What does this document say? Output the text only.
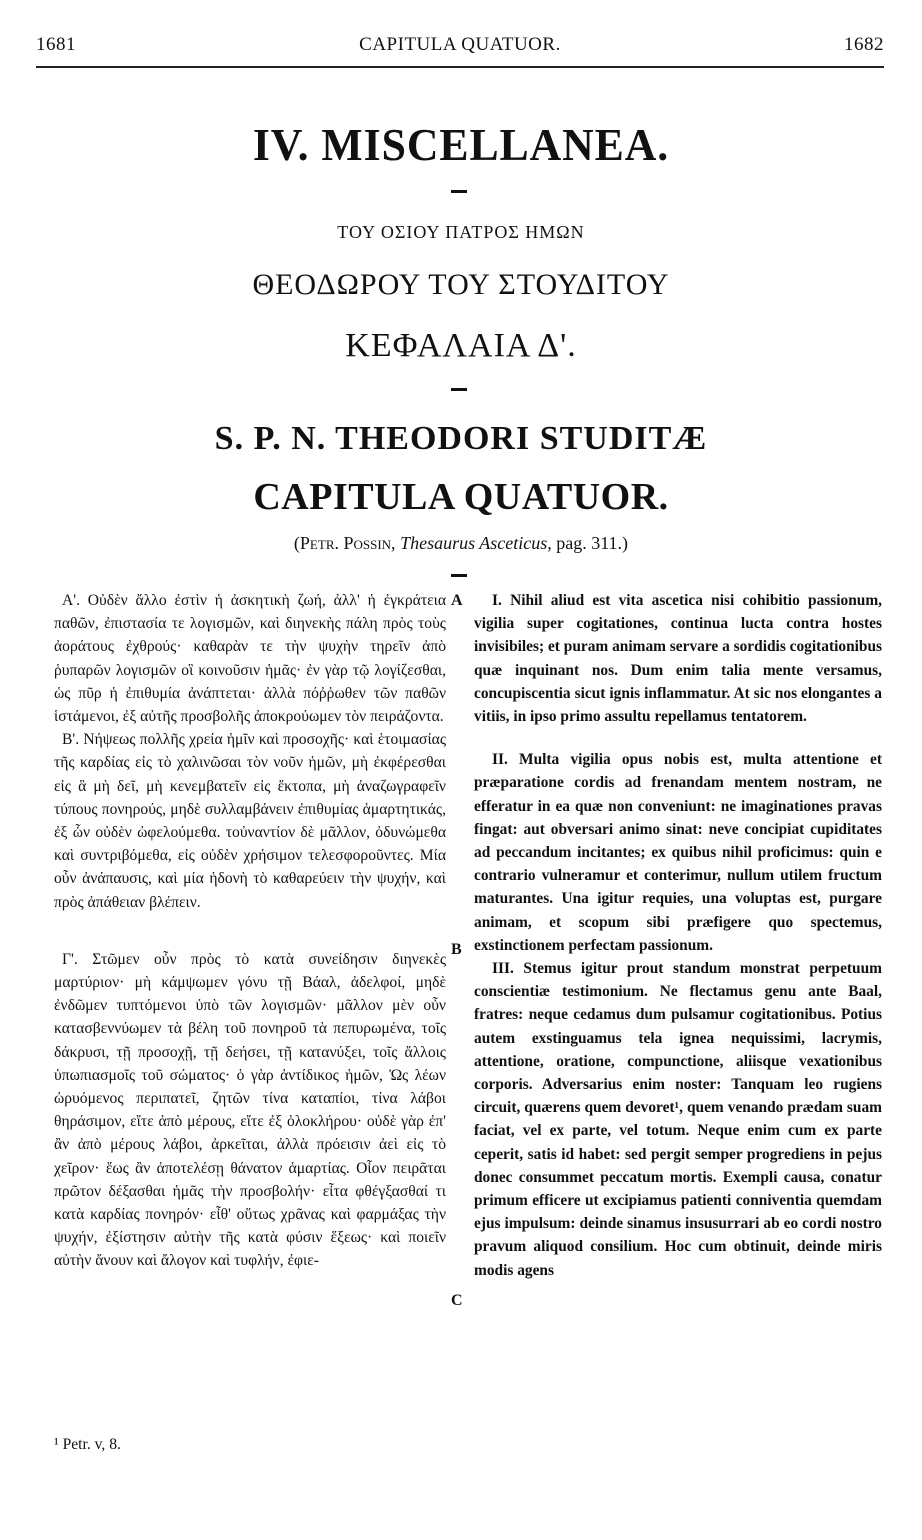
1681	CAPITULA QUATUOR.	1682
IV. MISCELLANEA.
ΤΟΥ ΟΣΙΟΥ ΠΑΤΡΟΣ ΗΜΩΝ
ΘΕΟΔΩΡΟΥ ΤΟΥ ΣΤΟΥΔΙΤΟΥ
ΚΕΦΑΛΑΙΑ Δ'.
S. P. N. THEODORI STUDITÆ
CAPITULA QUATUOR.
(Petr. Possin, Thesaurus Asceticus, pag. 311.)

Α'. Οὐδὲν ἄλλο ἐστὶν ἡ ἀσκητικὴ ζωή, ἀλλ' ἡ ἐγκράτεια παθῶν, ἐπιστασία τε λογισμῶν, καὶ διηνεκὴς πάλη πρὸς τοὺς ἀοράτους ἐχθρούς· καθαρὰν τε τὴν ψυχὴν τηρεῖν ἀπὸ ῥυπαρῶν λογισμῶν οἳ κοινοῦσιν ἡμᾶς· ἐν γὰρ τῷ λογίζεσθαι, ὡς πῦρ ἡ ἐπιθυμία ἀνάπτεται· ἀλλὰ πόῤῥωθεν τῶν παθῶν ἱστάμενοι, ἐξ αὐτῆς προσβολῆς ἀποκρούωμεν τὸν πειράζοντα.

Β'. Νήψεως πολλῆς χρεία ἡμῖν καὶ προσοχῆς· καὶ ἑτοιμασίας τῆς καρδίας εἰς τὸ χαλινῶσαι τὸν νοῦν ἡμῶν, μὴ ἐκφέρεσθαι εἰς ἃ μὴ δεῖ, μὴ κενεμβατεῖν εἰς ἔκτοπα, μὴ ἀναζωγραφεῖν τύπους πονηρούς, μηδὲ συλλαμβάνειν ἐπιθυμίας ἁμαρτητικάς, ἐξ ὧν οὐδὲν ὠφελούμεθα. τοὐναντίον δὲ μᾶλλον, ὀδυνώμεθα καὶ συντριβόμεθα, εἰς οὐδὲν χρήσιμον τελεσφοροῦντες. Μία οὖν ἀνάπαυσις, καὶ μία ἡδονὴ τὸ καθαρεύειν τὴν ψυχήν, καὶ πρὸς ἀπάθειαν βλέπειν.

Γ'. Στῶμεν οὖν πρὸς τὸ κατὰ συνείδησιν διηνεκὲς μαρτύριον· μὴ κάμψωμεν γόνυ τῇ Βάαλ, ἀδελφοί, μηδὲ ἐνδῶμεν τυπτόμενοι ὑπὸ τῶν λογισμῶν· μᾶλλον μὲν οὖν κατασβεννύωμεν τὰ βέλη τοῦ πονηροῦ τὰ πεπυρωμένα, τοῖς δάκρυσι, τῇ προσοχῇ, τῇ δεήσει, τῇ κατανύξει, τοῖς ἄλλοις ὑπωπιασμοῖς τοῦ σώματος· ὁ γὰρ ἀντίδικος ἡμῶν, Ὡς λέων ὠρυόμενος περιπατεῖ, ζητῶν τίνα καταπίοι, τίνα λάβοι θηράσιμον, εἴτε ἀπὸ μέρους, εἴτε ἐξ ὁλοκλήρου· οὐδὲ γὰρ ἐπ' ἂν ἀπὸ μέρους λάβοι, ἀρκεῖται, ἀλλὰ πρόεισιν ἀεὶ εἰς τὸ χεῖρον· ἕως ἂν ἀποτελέσῃ θάνατον ἁμαρτίας. Οἷον πειρᾶται πρῶτον δέξασθαι ἡμᾶς τὴν προσβολήν· εἶτα φθέγξασθαί τι κατὰ καρδίας πονηρόν· εἶθ' οὕτως χρᾶνας καὶ φαρμάξας τὴν ψυχήν, ἐξίστησιν αὐτὴν τῆς κατὰ φύσιν ἕξεως· καὶ ποιεῖν αὐτὴν ἄνουν καὶ ἄλογον καὶ τυφλήν, ἐφιε-

A
B
C

I. Nihil aliud est vita ascetica nisi cohibitio passionum, vigilia super cogitationes, continua lucta contra hostes invisibiles; et puram animam servare a sordidis cogitationibus quæ inquinant nos. Dum enim talia mente versamus, concupiscentia sicut ignis inflammatur. At sic nos elongantes a vitiis, in ipso primo assultu repellamus tentatorem.

II. Multa vigilia opus nobis est, multa attentione et præparatione cordis ad frenandam mentem nostram, ne efferatur in ea quæ non conveniunt: ne imaginationes pravas fingat: aut obversari animo sinat: neve concipiat cupiditates ad peccandum incitantes; ex quibus nihil proficimus: quin e contrario vulneramur et conterimur, nullum utilem fructum maturantes. Una igitur requies, una voluptas est, purgare animam, et scopum sibi præfigere quo spectemus, exstinctionem perfectam passionum.

III. Stemus igitur prout standum monstrat perpetuum conscientiæ testimonium. Ne flectamus genu ante Baal, fratres: neque cedamus dum pulsamur cogitationibus. Potius autem exstinguamus tela ignea nequissimi, lacrymis, attentione, oratione, compunctione, aliisque vexationibus corporis. Adversarius enim noster: Tanquam leo rugiens circuit, quærens quem devoret¹, quem venando prædam suam faciat, vel ex parte, vel totum. Neque enim cum ex parte ceperit, satis id habet: sed pergit semper progrediens in pejus donec consummet peccatum mortis. Exempli causa, conatur primum efficere ut excipiamus patienti conniventia quemdam ejus impulsum: deinde sinamus insusurrari ab eo cordi nostro pravum aliquod consilium. Hoc cum obtinuit, deinde miris modis agens

¹ Petr. v, 8.
